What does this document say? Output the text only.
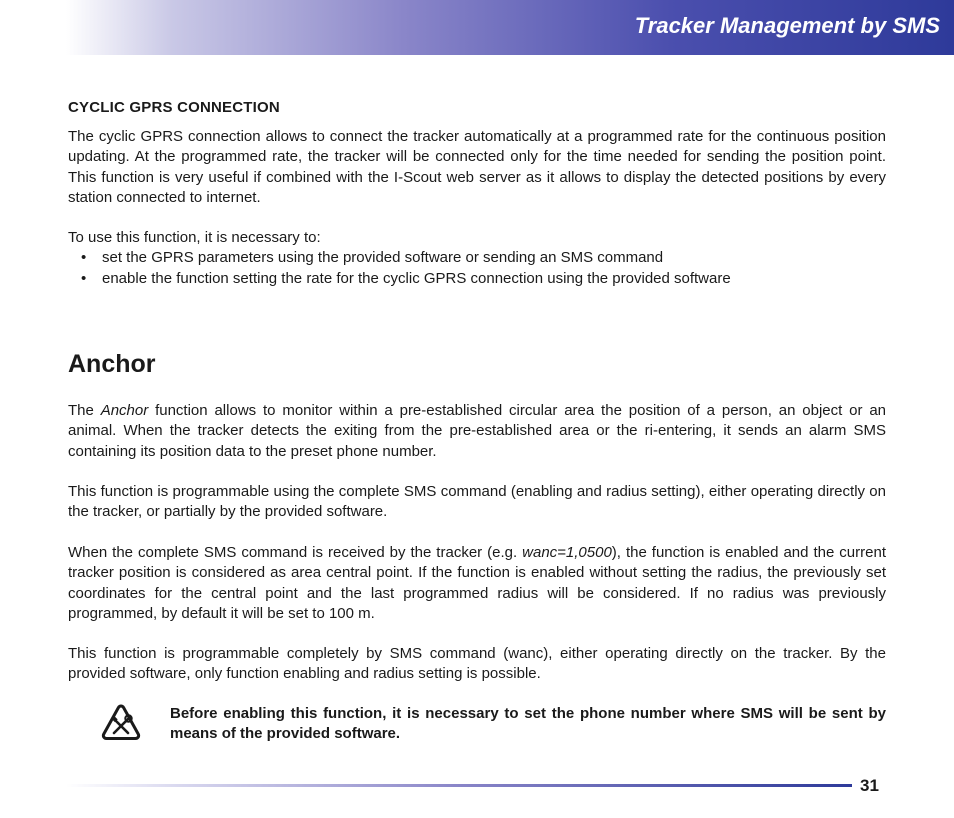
Tracker Management by SMS
CYCLIC GPRS CONNECTION

The cyclic GPRS connection allows to connect the tracker automatically at a programmed rate for the continuous position updating. At the programmed rate, the tracker will be connected only for the time needed for sending the position point. This function is very useful if combined with the I-Scout web server as it allows to display the detected positions by every station connected to internet.

To use this function, it is necessary to:

• set the GPRS parameters using the provided software or sending an SMS command
• enable the function setting the rate for the cyclic GPRS connection using the provided software
Anchor

The Anchor function allows to monitor within a pre-established circular area the position of a person, an object or an animal. When the tracker detects the exiting from the pre-established area or the ri-entering, it sends an alarm SMS containing its position data to the preset phone number.

This function is programmable using the complete SMS command (enabling and radius setting), either operating directly on the tracker, or partially by the provided software.

When the complete SMS command is received by the tracker (e.g. wanc=1,0500), the function is enabled and the current tracker position is considered as area central point. If the function is enabled without setting the radius, the previously set coordinates for the central point and the last programmed radius will be considered. If no radius was previously programmed, by default it will be set to 100 m.

This function is programmable completely by SMS command (wanc), either operating directly on the tracker. By the provided software, only function enabling and radius setting is possible.

Before enabling this function, it is necessary to set the phone number where SMS will be sent by means of the provided software.

31
